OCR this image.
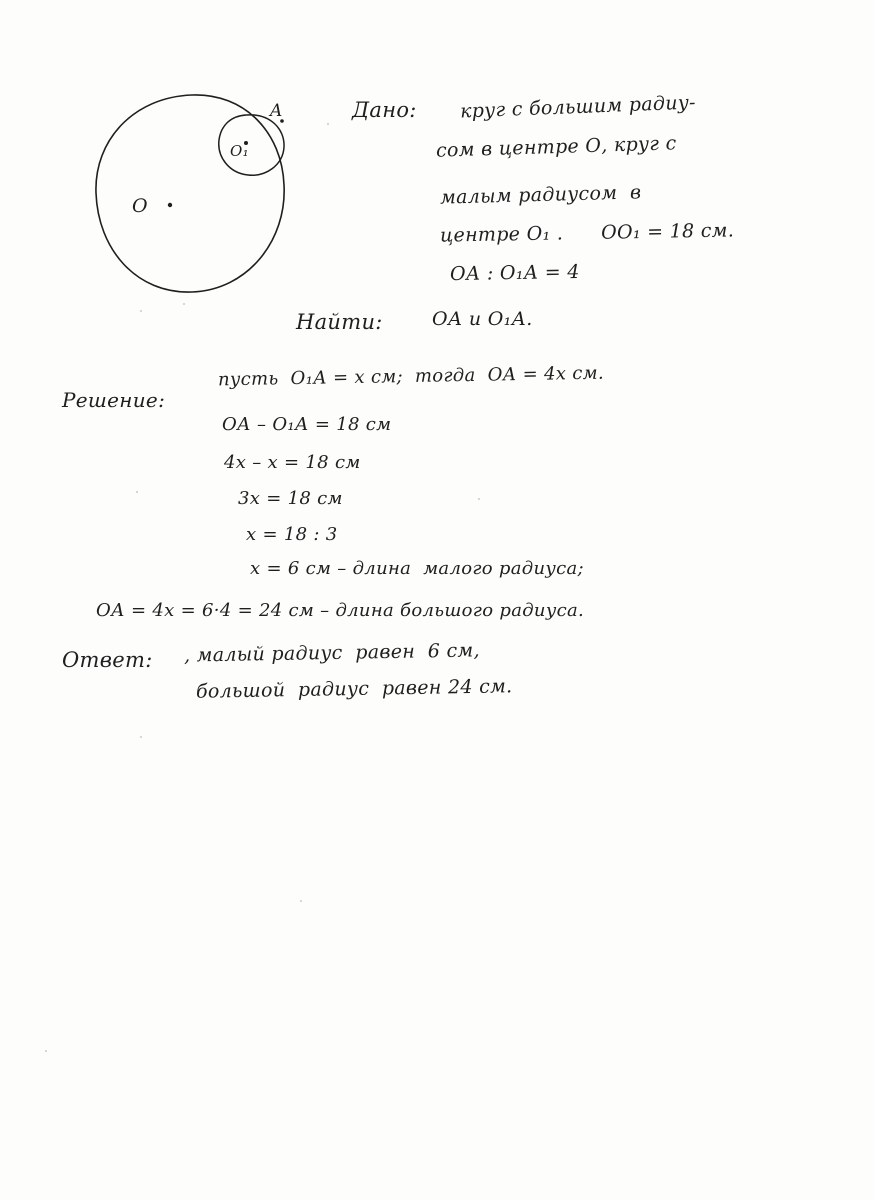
O
O₁
A	Дано: круг с большим радиу-
сом в центре О, круг с
малым радиусом  в
центре О₁ .      ОО₁ = 18 см.
ОА : О₁А = 4
Найти:	ОА и О₁А.
Решение:
пусть  О₁А = х см;  тогда  ОА = 4х см.
ОА – О₁А = 18 см
4х – х = 18 см
3х = 18 см
х = 18 : 3
х = 6 см – длина  малого радиуса;
ОА = 4х = 6·4 = 24 см – длина большого радиуса.
Ответ: , малый радиус  равен  6 см,
большой  радиус  равен 24 см.
